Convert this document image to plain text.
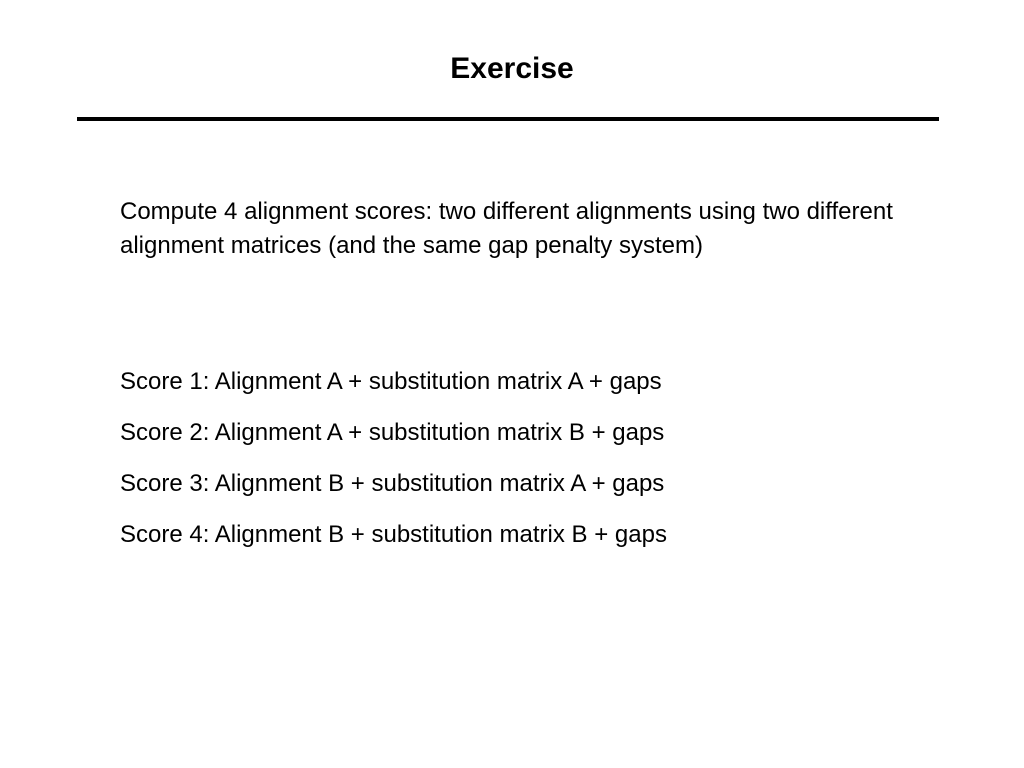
Exercise

Compute 4 alignment scores: two different alignments using two different alignment matrices (and the same gap penalty system)

Score 1: Alignment A + substitution matrix A + gaps
Score 2: Alignment A + substitution matrix B + gaps
Score 3: Alignment B + substitution matrix A + gaps
Score 4: Alignment B + substitution matrix B + gaps
